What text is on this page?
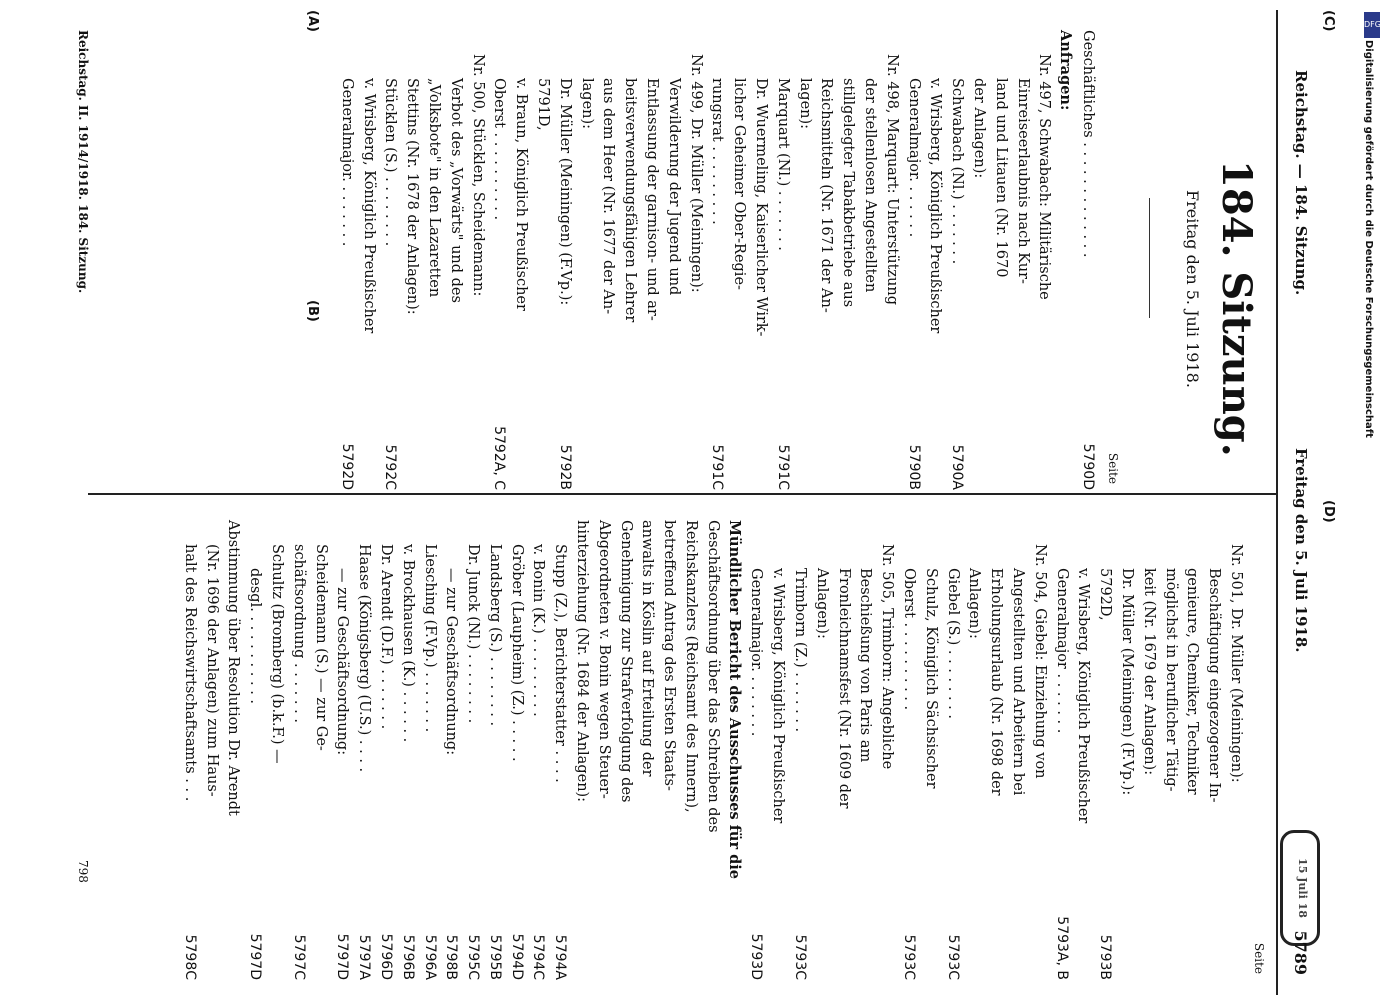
Reichstag. — 184. Sitzung.
Freitag den 5. Juli 1918.
15 Juli 18
5789
(A)
(B)
(C)
(D)
184. Sitzung.
Freitag den 5. Juli 1918.
Seite
Geschäftliches . . . . . . . . . . . . .
5790D
Anfragen:
Nr. 497, Schwabach: Militärische
Einreiseerlaubnis nach Kur-
land und Litauen (Nr. 1670
der Anlagen):
Schwabach (Nl.) . . . . . . .
5790A
v. Wrisberg, Königlich Preußischer
Generalmajor. . . . . . .
5790B
Nr. 498, Marquart: Unterstützung
der stellenlosen Angestellten
stillgelegter Tabakbetriebe aus
Reichsmitteln (Nr. 1671 der An-
lagen):
Marquart (Nl.) . . . . . . .
5791C
Dr. Wuermeling, Kaiserlicher Wirk-
licher Geheimer Ober-Regie-
rungsrat . . . . . . . . .
5791C
Nr. 499, Dr. Müller (Meiningen):
Verwilderung der Jugend und
Entlassung der garnison- und ar-
beitsverwendungsfähigen Lehrer
aus dem Heer (Nr. 1677 der An-
lagen):
Dr. Müller (Meiningen) (F.Vp.):
5792B
5791D,
v. Braun, Königlich Preußischer
Oberst . . . . . . . . . .
5792A, C
Nr. 500, Stücklen, Scheidemann:
Verbot des „Vorwärts" und des
„Volksbote" in den Lazaretten
Stettins (Nr. 1678 der Anlagen):
Stücklen (S.) . . . . . . . .
5792C
v. Wrisberg, Königlich Preußischer
Generalmajor. . . . . . . .
5792D
Seite
Nr. 501, Dr. Müller (Meiningen):
Beschäftigung eingezogener In-
genieure, Chemiker, Techniker
möglichst in beruflicher Tätig-
keit (Nr. 1679 der Anlagen):
Dr. Müller (Meiningen) (F.Vp.):
5792D,
5793B
v. Wrisberg, Königlich Preußischer
Generalmajor . . . . . . .
5793A, B
Nr. 504, Giebel: Einziehung von
Angestellten und Arbeitern bei
Erholungsurlaub (Nr. 1698 der
Anlagen):
Giebel (S.) . . . . . . . .
5793C
Schulz, Königlich Sächsischer
Oberst . . . . . . . . . .
5793C
Nr. 505, Trimborn: Angebliche
Beschießung von Paris am
Fronleichnamsfest (Nr. 1609 der
Anlagen):
Trimborn (Z.) . . . . . . .
5793C
v. Wrisberg, Königlich Preußischer
Generalmajor. . . . . . . .
5793D
Mündlicher Bericht des Ausschusses für die
Geschäftsordnung über das Schreiben des
Reichskanzlers (Reichsamt des Innern),
betreffend Antrag des Ersten Staats-
anwalts in Köslin auf Erteilung der
Genehmigung zur Strafverfolgung des
Abgeordneten v. Bonin wegen Steuer-
hinterziehung (Nr. 1684 der Anlagen):
Stupp (Z.), Berichterstatter . . . .
5794A
v. Bonin (K.) . . . . . . . . .
5794C
Gröber (Laupheim) (Z.) . . . . .
5794D
Landsberg (S.) . . . . . . . .
5795B
Dr. Junck (Nl.) . . . . . . . .
5795C
— zur Geschäftsordnung:
5798B
Liesching (F.Vp.) . . . . . . .
5796A
v. Brockhausen (K.) . . . . . .
5796B
Dr. Arendt (D.F.) . . . . . . .
5796D
Haase (Königsberg) (U.S.) . . . .
5797A
— zur Geschäftsordnung:
5797D
Scheidemann (S.) — zur Ge-
schäftsordnung . . . . . . .
5797C
Schultz (Bromberg) (b.k.F.) —
desgl. . . . . . . . . . .
5797D
Abstimmung über Resolution Dr. Arendt
(Nr. 1696 der Anlagen) zum Haus-
halt des Reichswirtschaftsamts . . .
5798C
Reichstag. II. 1914/1918. 184. Sitzung.
798
DFG
Digitalisierung gefördert durch die Deutsche Forschungsgemeinschaft
